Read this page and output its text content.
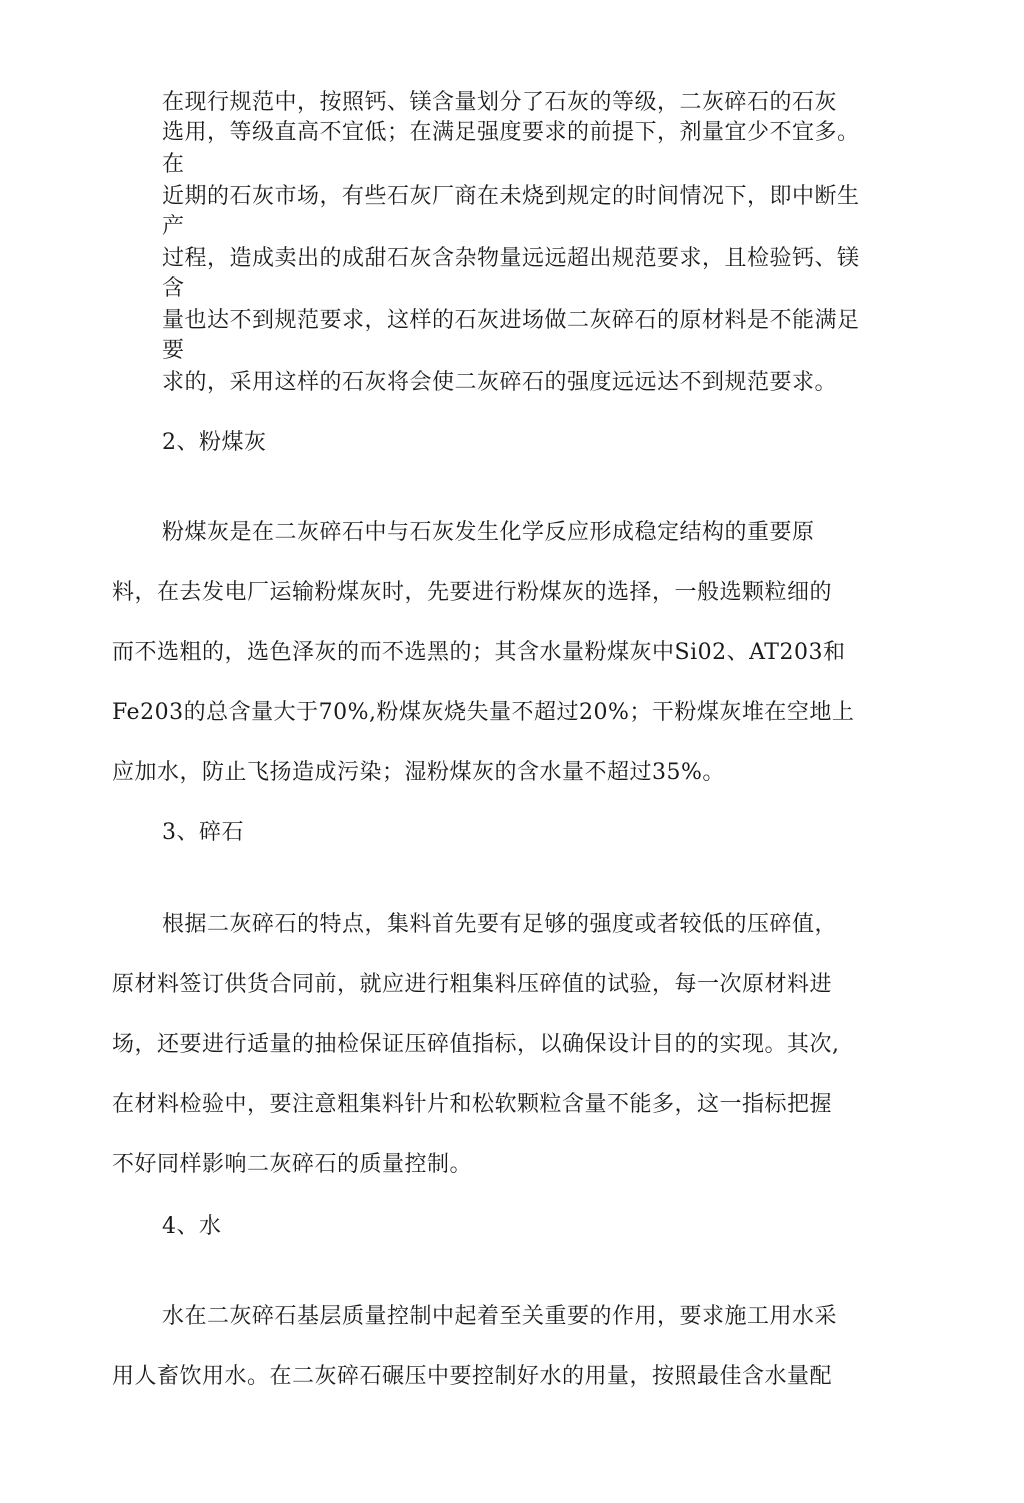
在现行规范中，按照钙、镁含量划分了石灰的等级，二灰碎石的石灰
选用，等级直高不宜低；在满足强度要求的前提下，剂量宜少不宜多。
在
近期的石灰市场，有些石灰厂商在未烧到规定的时间情况下，即中断生
产
过程，造成卖出的成甜石灰含杂物量远远超出规范要求，且检验钙、镁
含
量也达不到规范要求，这样的石灰进场做二灰碎石的原材料是不能满足
要
求的，采用这样的石灰将会使二灰碎石的强度远远达不到规范要求。
2、粉煤灰
粉煤灰是在二灰碎石中与石灰发生化学反应形成稳定结构的重要原
料，在去发电厂运输粉煤灰时，先要进行粉煤灰的选择，一般选颗粒细的
而不选粗的，选色泽灰的而不选黑的；其含水量粉煤灰中Si02、AT203和
Fe203的总含量大于70%,粉煤灰烧失量不超过20%；干粉煤灰堆在空地上
应加水，防止飞扬造成污染；湿粉煤灰的含水量不超过35%。
3、碎石
根据二灰碎石的特点，集料首先要有足够的强度或者较低的压碎值，
原材料签订供货合同前，就应进行粗集料压碎值的试验，每一次原材料进
场，还要进行适量的抽检保证压碎值指标，以确保设计目的的实现。其次,
在材料检验中，要注意粗集料针片和松软颗粒含量不能多，这一指标把握
不好同样影响二灰碎石的质量控制。
4、水
水在二灰碎石基层质量控制中起着至关重要的作用，要求施工用水采
用人畜饮用水。在二灰碎石碾压中要控制好水的用量，按照最佳含水量配
